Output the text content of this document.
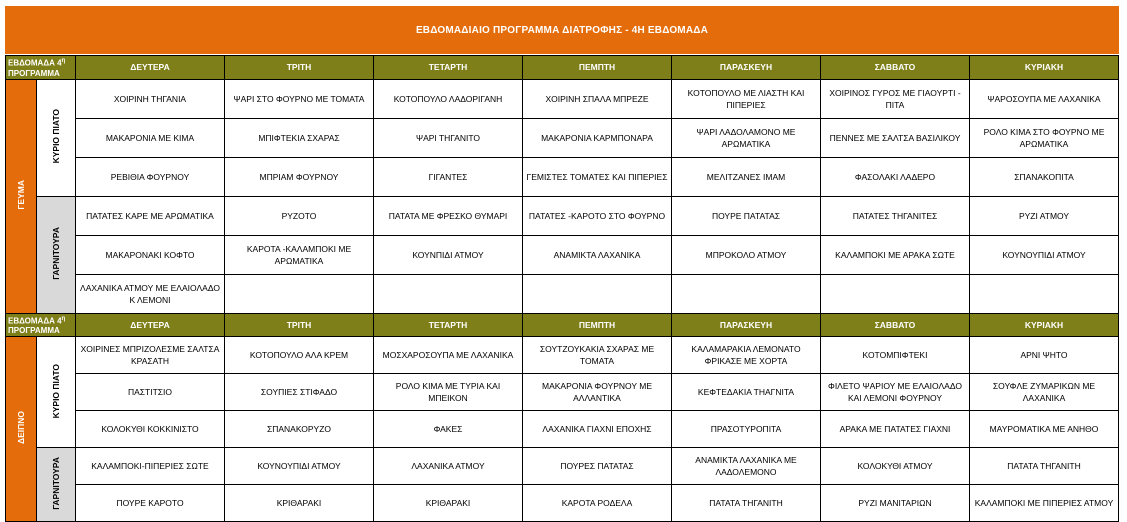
ΕΒΔΟΜΑΔΙΑΙΟ ΠΡΟΓΡΑΜΜΑ ΔΙΑΤΡΟΦΗΣ - 4Η ΕΒΔΟΜΑΔΑ
ΕΒΔΟΜΑΔΑ $4^\eta$
ΠΡΟΓΡΑΜΜΑ		ΔΕΥΤΕΡΑ	ΤΡΙΤΗ	ΤΕΤΑΡΤΗ	ΠΕΜΠΤΗ	ΠΑΡΑΣΚΕΥΗ	ΣΑΒΒΑΤΟ	ΚΥΡΙΑΚΗ
ΓΕΥΜΑ	ΚΥΡΙΟ ΠΙΑΤΟ	ΧΟΙΡΙΝΗ ΤΗΓΑΝΙΑ	ΨΑΡΙ ΣΤΟ ΦΟΥΡΝΟ ΜΕ ΤΟΜΑΤΑ	ΚΟΤΟΠΟΥΛΟ ΛΑΔΟΡΙΓΑΝΗ	ΧΟΙΡΙΝΗ ΣΠΑΛΑ ΜΠΡΕΖΕ	ΚΟΤΟΠΟΥΛΟ ΜΕ ΛΙΑΣΤΗ ΚΑΙ ΠΙΠΕΡΙΕΣ	ΧΟΙΡΙΝΟΣ ΓΥΡΟΣ ΜΕ ΓΙΑΟΥΡΤΙ - ΠΙΤΑ	ΨΑΡΟΣΟΥΠΑ ΜΕ ΛΑΧΑΝΙΚΑ
		ΜΑΚΑΡΟΝΙΑ ΜΕ ΚΙΜΑ	ΜΠΙΦΤΕΚΙΑ ΣΧΑΡΑΣ	ΨΑΡΙ ΤΗΓΑΝΙΤΟ	ΜΑΚΑΡΟΝΙΑ ΚΑΡΜΠΟΝΑΡΑ	ΨΑΡΙ ΛΑΔΟΛΑΜΟΝΟ ΜΕ ΑΡΩΜΑΤΙΚΑ	ΠΕΝΝΕΣ ΜΕ ΣΑΛΤΣΑ ΒΑΣΙΛΙΚΟΥ	ΡΟΛΟ ΚΙΜΑ ΣΤΟ ΦΟΥΡΝΟ ΜΕ ΑΡΩΜΑΤΙΚΑ
		ΡΕΒΙΘΙΑ ΦΟΥΡΝΟΥ	ΜΠΡΙΑΜ ΦΟΥΡΝΟΥ	ΓΙΓΑΝΤΕΣ	ΓΕΜΙΣΤΕΣ ΤΟΜΑΤΕΣ ΚΑΙ ΠΙΠΕΡΙΕΣ	ΜΕΛΙΤΖΑΝΕΣ ΙΜΑΜ	ΦΑΣΟΛΑΚΙ ΛΑΔΕΡΟ	ΣΠΑΝΑΚΟΠΙΤΑ
	ΓΑΡΝΙΤΟΥΡΑ	ΠΑΤΑΤΕΣ ΚΑΡΕ ΜΕ ΑΡΩΜΑΤΙΚΑ	ΡΥΖΟΤΟ	ΠΑΤΑΤΑ ΜΕ ΦΡΕΣΚΟ ΘΥΜΑΡΙ	ΠΑΤΑΤΕΣ -ΚΑΡΟΤΟ ΣΤΟ ΦΟΥΡΝΟ	ΠΟΥΡΕ ΠΑΤΑΤΑΣ	ΠΑΤΑΤΕΣ ΤΗΓΑΝΙΤΕΣ	ΡΥΖΙ ΑΤΜΟΥ
		ΜΑΚΑΡΟΝΑΚΙ ΚΟΦΤΟ	ΚΑΡΟΤΑ -ΚΑΛΑΜΠΟΚΙ ΜΕ ΑΡΩΜΑΤΙΚΑ	ΚΟΥΝΠΙΔΙ ΑΤΜΟΥ	ΑΝΑΜΙΚΤΑ ΛΑΧΑΝΙΚΑ	ΜΠΡΟΚΟΛΟ ΑΤΜΟΥ	ΚΑΛΑΜΠΟΚΙ ΜΕ ΑΡΑΚΑ ΣΩΤΕ	ΚΟΥΝΟΥΠΙΔΙ ΑΤΜΟΥ
		ΛΑΧΑΝΙΚΑ ΑΤΜΟΥ ΜΕ ΕΛΑΙΟΛΑΔΟ Κ ΛΕΜΟΝΙ						
ΕΒΔΟΜΑΔΑ $4^\eta$
ΠΡΟΓΡΑΜΜΑ		ΔΕΥΤΕΡΑ	ΤΡΙΤΗ	ΤΕΤΑΡΤΗ	ΠΕΜΠΤΗ	ΠΑΡΑΣΚΕΥΗ	ΣΑΒΒΑΤΟ	ΚΥΡΙΑΚΗ
ΔΕΙΠΝΟ	ΚΥΡΙΟ ΠΙΑΤΟ	ΧΟΙΡΙΝΕΣ ΜΠΡΙΖΟΛΕΣΜΕ ΣΑΛΤΣΑ ΚΡΑΣΑΤΗ	ΚΟΤΟΠΟΥΛΟ ΑΛΑ ΚΡΕΜ	ΜΟΣΧΑΡΟΣΟΥΠΑ ΜΕ ΛΑΧΑΝΙΚΑ	ΣΟΥΤΖΟΥΚΑΚΙΑ ΣΧΑΡΑΣ ΜΕ ΤΟΜΑΤΑ	ΚΑΛΑΜΑΡΑΚΙΑ ΛΕΜΟΝΑΤΟ ΦΡΙΚΑΣΕ ΜΕ ΧΟΡΤΑ	ΚΟΤΟΜΠΙΦΤΕΚΙ	ΑΡΝΙ ΨΗΤΟ
		ΠΑΣΤΙΤΣΙΟ	ΣΟΥΠΙΕΣ ΣΤΙΦΑΔΟ	ΡΟΛΟ ΚΙΜΑ ΜΕ ΤΥΡΙΑ ΚΑΙ ΜΠΕΙΚΟΝ	ΜΑΚΑΡΟΝΙΑ ΦΟΥΡΝΟΥ ΜΕ ΑΛΛΑΝΤΙΚΑ	ΚΕΦΤΕΔΑΚΙΑ ΤΗΑΓΝΙΤΑ	ΦΙΛΕΤΟ ΨΑΡΙΟΥ ΜΕ ΕΛΑΙΟΛΑΔΟ ΚΑΙ ΛΕΜΟΝΙ ΦΟΥΡΝΟΥ	ΣΟΥΦΛΕ ΖΥΜΑΡΙΚΩΝ ΜΕ ΛΑΧΑΝΙΚΑ
		ΚΟΛΟΚΥΘΙ ΚΟΚΚΙΝΙΣΤΟ	ΣΠΑΝΑΚΟΡΥΖΟ	ΦΑΚΕΣ	ΛΑΧΑΝΙΚΑ ΓΙΑΧΝΙ ΕΠΟΧΗΣ	ΠΡΑΣΟΤΥΡΟΠΙΤΑ	ΑΡΑΚΑ ΜΕ ΠΑΤΑΤΕΣ ΓΙΑΧΝΙ	ΜΑΥΡΟΜΑΤΙΚΑ ΜΕ ΑΝΗΘΟ
	ΓΑΡΝΙΤΟΥΡΑ	ΚΑΛΑΜΠΟΚΙ-ΠΙΠΕΡΙΕΣ ΣΩΤΕ	ΚΟΥΝΟΥΠΙΔΙ ΑΤΜΟΥ	ΛΑΧΑΝΙΚΑ ΑΤΜΟΥ	ΠΟΥΡΕΣ ΠΑΤΑΤΑΣ	ΑΝΑΜΙΚΤΑ ΛΑΧΑΝΙΚΑ ΜΕ ΛΑΔΟΛΕΜΟΝΟ	ΚΟΛΟΚΥΘΙ ΑΤΜΟΥ	ΠΑΤΑΤΑ ΤΗΓΑΝΙΤΗ
		ΠΟΥΡΕ ΚΑΡΟΤΟ	ΚΡΙΘΑΡΑΚΙ	ΚΡΙΘΑΡΑΚΙ	ΚΑΡΟΤΑ ΡΟΔΕΛΑ	ΠΑΤΑΤΑ ΤΗΓΑΝΙΤΗ	ΡΥΖΙ ΜΑΝΙΤΑΡΙΩΝ	ΚΑΛΑΜΠΟΚΙ ΜΕ ΠΙΠΕΡΙΕΣ ΑΤΜΟΥ
